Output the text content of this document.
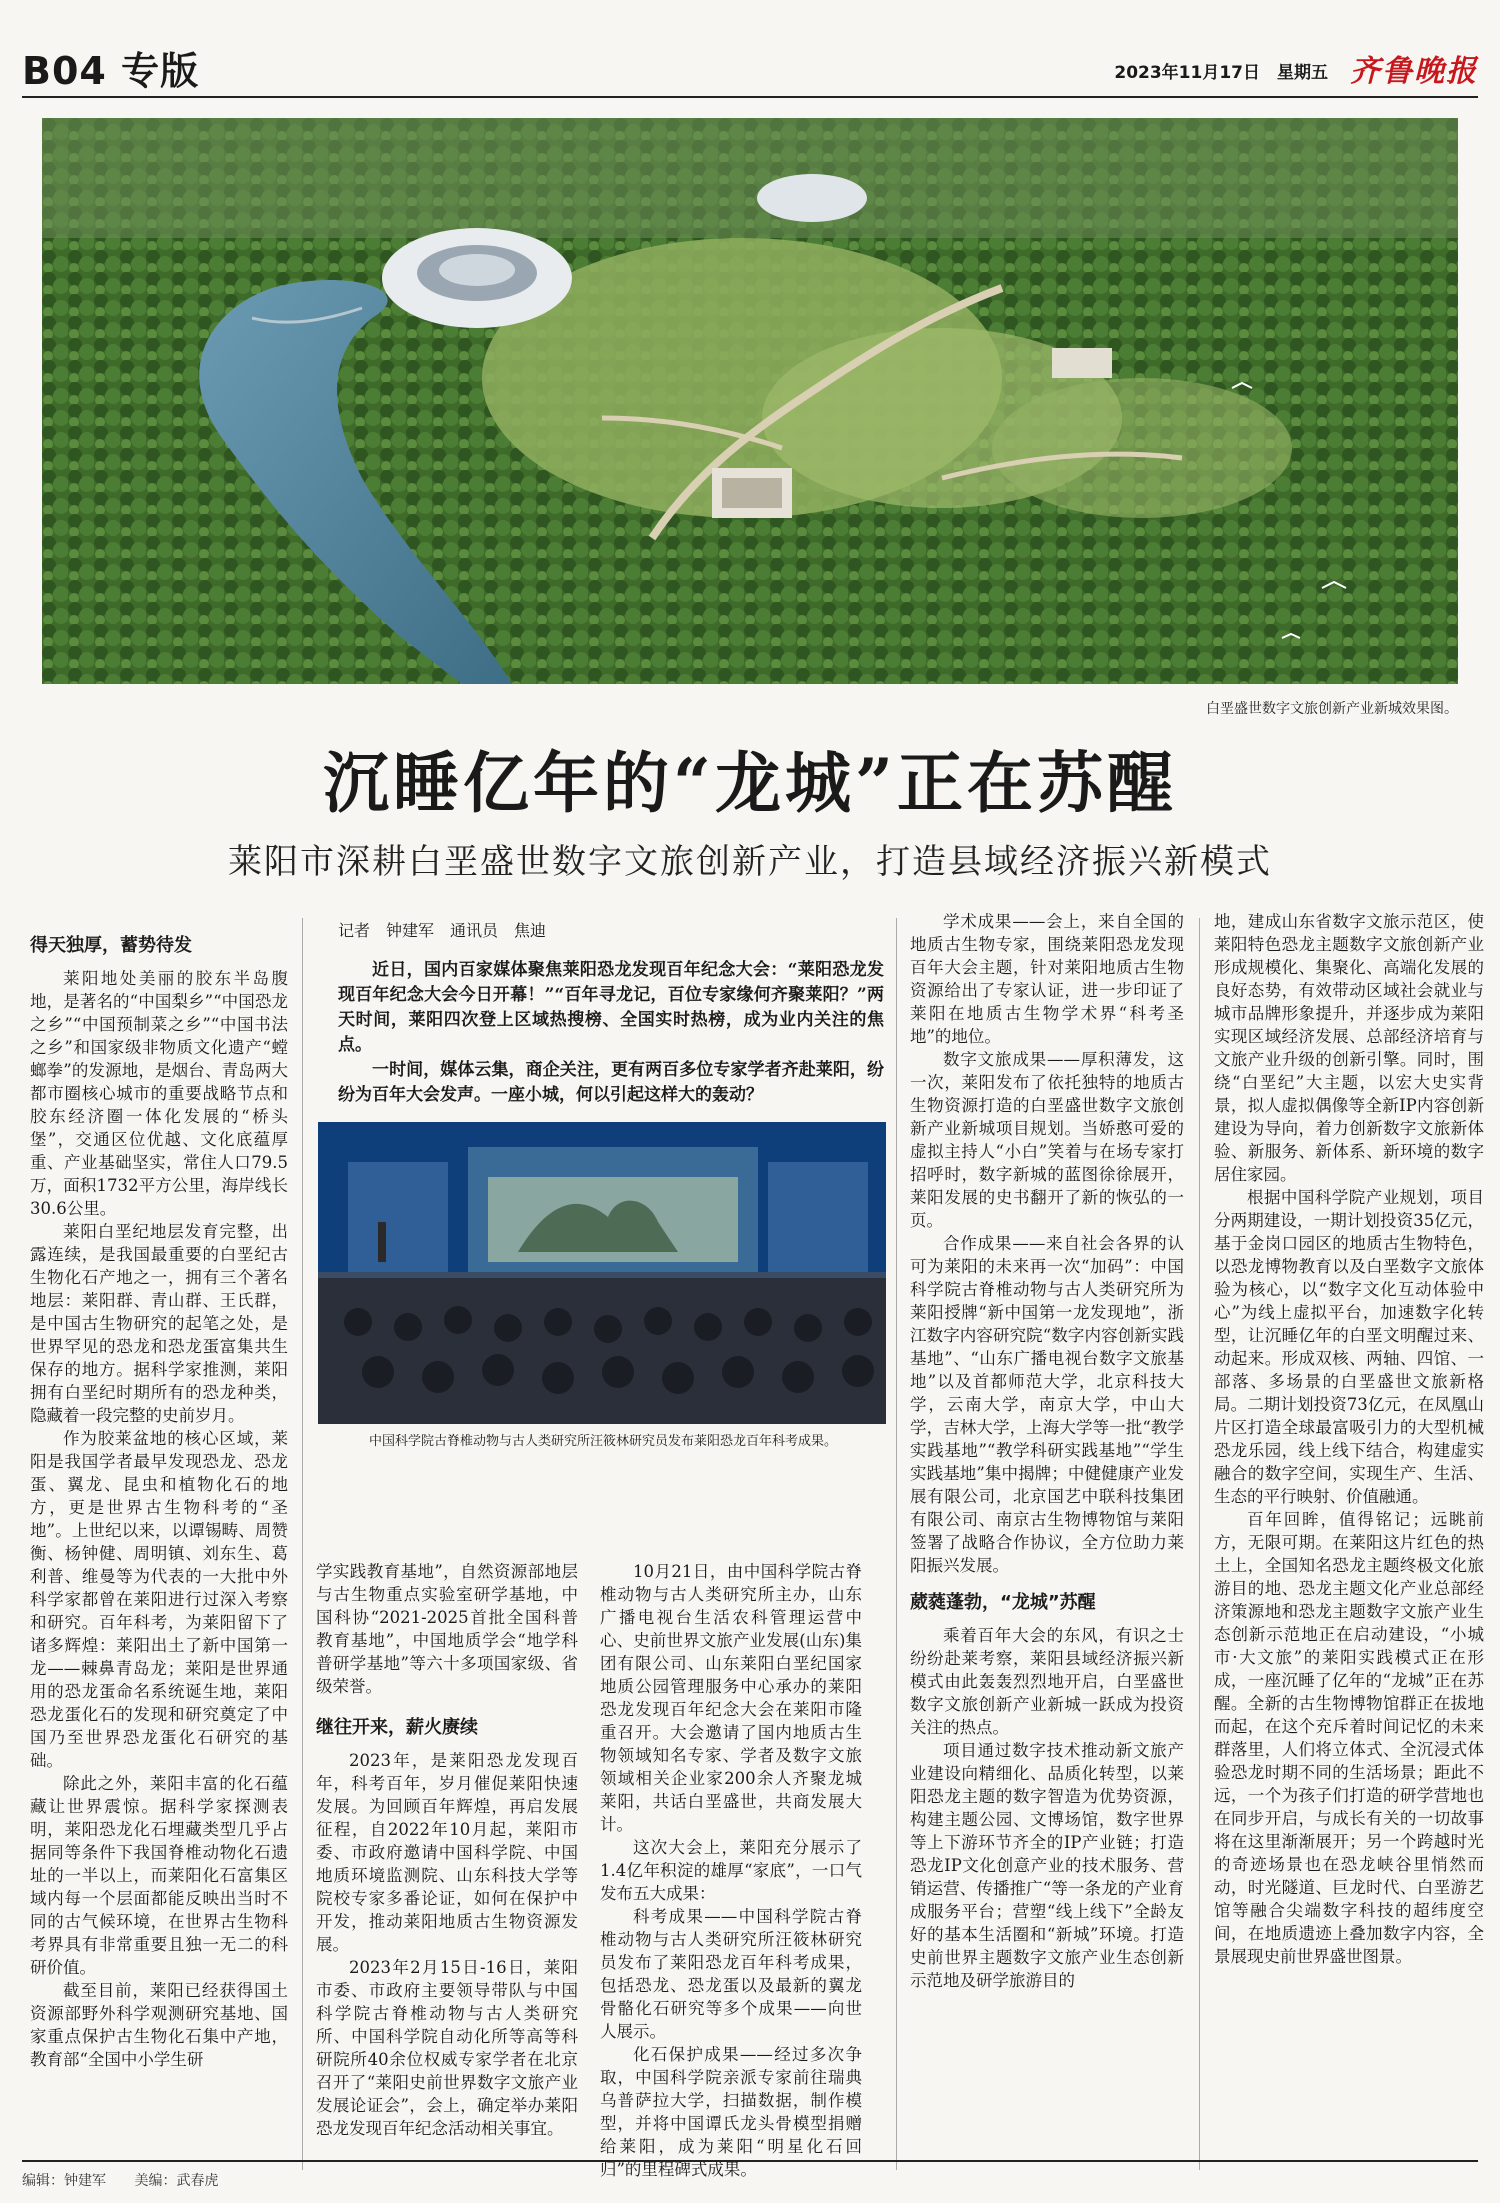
B04 专版	2023年11月17日　星期五 齐鲁晚报
白垩盛世数字文旅创新产业新城效果图。
沉睡亿年的“龙城”正在苏醒
莱阳市深耕白垩盛世数字文旅创新产业，打造县域经济振兴新模式
得天独厚，蓄势待发

莱阳地处美丽的胶东半岛腹地，是著名的“中国梨乡”“中国恐龙之乡”“中国预制菜之乡”“中国书法之乡”和国家级非物质文化遗产“螳螂拳”的发源地，是烟台、青岛两大都市圈核心城市的重要战略节点和胶东经济圈一体化发展的“桥头堡”，交通区位优越、文化底蕴厚重、产业基础坚实，常住人口79.5万，面积1732平方公里，海岸线长30.6公里。

莱阳白垩纪地层发育完整，出露连续，是我国最重要的白垩纪古生物化石产地之一，拥有三个著名地层：莱阳群、青山群、王氏群，是中国古生物研究的起笔之处，是世界罕见的恐龙和恐龙蛋富集共生保存的地方。据科学家推测，莱阳拥有白垩纪时期所有的恐龙种类，隐藏着一段完整的史前岁月。

作为胶莱盆地的核心区域，莱阳是我国学者最早发现恐龙、恐龙蛋、翼龙、昆虫和植物化石的地方，更是世界古生物科考的“圣地”。上世纪以来，以谭锡畴、周赞衡、杨钟健、周明镇、刘东生、葛利普、维曼等为代表的一大批中外科学家都曾在莱阳进行过深入考察和研究。百年科考，为莱阳留下了诸多辉煌：莱阳出土了新中国第一龙——棘鼻青岛龙；莱阳是世界通用的恐龙蛋命名系统诞生地，莱阳恐龙蛋化石的发现和研究奠定了中国乃至世界恐龙蛋化石研究的基础。

除此之外，莱阳丰富的化石蕴藏让世界震惊。据科学家探测表明，莱阳恐龙化石埋藏类型几乎占据同等条件下我国脊椎动物化石遗址的一半以上，而莱阳化石富集区域内每一个层面都能反映出当时不同的古气候环境，在世界古生物科考界具有非常重要且独一无二的科研价值。

截至目前，莱阳已经获得国土资源部野外科学观测研究基地、国家重点保护古生物化石集中产地，教育部“全国中小学生研

记者　钟建军　通讯员　焦迪

近日，国内百家媒体聚焦莱阳恐龙发现百年纪念大会：“莱阳恐龙发现百年纪念大会今日开幕！”“百年寻龙记，百位专家缘何齐聚莱阳？”两天时间，莱阳四次登上区域热搜榜、全国实时热榜，成为业内关注的焦点。

一时间，媒体云集，商企关注，更有两百多位专家学者齐赴莱阳，纷纷为百年大会发声。一座小城，何以引起这样大的轰动？

中国科学院古脊椎动物与古人类研究所汪筱林研究员发布莱阳恐龙百年科考成果。

学实践教育基地”，自然资源部地层与古生物重点实验室研学基地，中国科协“2021-2025首批全国科普教育基地”，中国地质学会“地学科普研学基地”等六十多项国家级、省级荣誉。

继往开来，薪火赓续

2023年，是莱阳恐龙发现百年，科考百年，岁月催促莱阳快速发展。为回顾百年辉煌，再启发展征程，自2022年10月起，莱阳市委、市政府邀请中国科学院、中国地质环境监测院、山东科技大学等院校专家多番论证，如何在保护中开发，推动莱阳地质古生物资源发展。

2023年2月15日-16日，莱阳市委、市政府主要领导带队与中国科学院古脊椎动物与古人类研究所、中国科学院自动化所等高等科研院所40余位权威专家学者在北京召开了“莱阳史前世界数字文旅产业发展论证会”，会上，确定举办莱阳恐龙发现百年纪念活动相关事宜。

10月21日，由中国科学院古脊椎动物与古人类研究所主办，山东广播电视台生活农科管理运营中心、史前世界文旅产业发展(山东)集团有限公司、山东莱阳白垩纪国家地质公园管理服务中心承办的莱阳恐龙发现百年纪念大会在莱阳市隆重召开。大会邀请了国内地质古生物领域知名专家、学者及数字文旅领域相关企业家200余人齐聚龙城莱阳，共话白垩盛世，共商发展大计。

这次大会上，莱阳充分展示了1.4亿年积淀的雄厚“家底”，一口气发布五大成果：

科考成果——中国科学院古脊椎动物与古人类研究所汪筱林研究员发布了莱阳恐龙百年科考成果，包括恐龙、恐龙蛋以及最新的翼龙骨骼化石研究等多个成果——向世人展示。

化石保护成果——经过多次争取，中国科学院亲派专家前往瑞典乌普萨拉大学，扫描数据，制作模型，并将中国谭氏龙头骨模型捐赠给莱阳，成为莱阳“明星化石回归”的里程碑式成果。

学术成果——会上，来自全国的地质古生物专家，围绕莱阳恐龙发现百年大会主题，针对莱阳地质古生物资源给出了专家认证，进一步印证了莱阳在地质古生物学术界“科考圣地”的地位。

数字文旅成果——厚积薄发，这一次，莱阳发布了依托独特的地质古生物资源打造的白垩盛世数字文旅创新产业新城项目规划。当娇憨可爱的虚拟主持人“小白”笑着与在场专家打招呼时，数字新城的蓝图徐徐展开，莱阳发展的史书翻开了新的恢弘的一页。

合作成果——来自社会各界的认可为莱阳的未来再一次“加码”：中国科学院古脊椎动物与古人类研究所为莱阳授牌“新中国第一龙发现地”，浙江数字内容研究院“数字内容创新实践基地”、“山东广播电视台数字文旅基地”以及首都师范大学，北京科技大学，云南大学，南京大学，中山大学，吉林大学，上海大学等一批“教学实践基地”“教学科研实践基地”“学生实践基地”集中揭牌；中健健康产业发展有限公司，北京国艺中联科技集团有限公司、南京古生物博物馆与莱阳签署了战略合作协议，全方位助力莱阳振兴发展。

葳蕤蓬勃，“龙城”苏醒

乘着百年大会的东风，有识之士纷纷赴莱考察，莱阳县域经济振兴新模式由此轰轰烈烈地开启，白垩盛世数字文旅创新产业新城一跃成为投资关注的热点。

项目通过数字技术推动新文旅产业建设向精细化、品质化转型，以莱阳恐龙主题的数字智造为优势资源，构建主题公园、文博场馆，数字世界等上下游环节齐全的IP产业链；打造恐龙IP文化创意产业的技术服务、营销运营、传播推广“等一条龙的产业育成服务平台；营塑“线上线下”全龄友好的基本生活圈和“新城”环境。打造史前世界主题数字文旅产业生态创新示范地及研学旅游目的

地，建成山东省数字文旅示范区，使莱阳特色恐龙主题数字文旅创新产业形成规模化、集聚化、高端化发展的良好态势，有效带动区域社会就业与城市品牌形象提升，并逐步成为莱阳实现区域经济发展、总部经济培育与文旅产业升级的创新引擎。同时，围绕“白垩纪”大主题，以宏大史实背景，拟人虚拟偶像等全新IP内容创新建设为导向，着力创新数字文旅新体验、新服务、新体系、新环境的数字居住家园。

根据中国科学院产业规划，项目分两期建设，一期计划投资35亿元，基于金岗口园区的地质古生物特色，以恐龙博物教育以及白垩数字文旅体验为核心，以“数字文化互动体验中心”为线上虚拟平台，加速数字化转型，让沉睡亿年的白垩文明醒过来、动起来。形成双核、两轴、四馆、一部落、多场景的白垩盛世文旅新格局。二期计划投资73亿元，在凤凰山片区打造全球最富吸引力的大型机械恐龙乐园，线上线下结合，构建虚实融合的数字空间，实现生产、生活、生态的平行映射、价值融通。

百年回眸，值得铭记；远眺前方，无限可期。在莱阳这片红色的热土上，全国知名恐龙主题终极文化旅游目的地、恐龙主题文化产业总部经济策源地和恐龙主题数字文旅产业生态创新示范地正在启动建设，“小城市·大文旅”的莱阳实践模式正在形成，一座沉睡了亿年的“龙城”正在苏醒。全新的古生物博物馆群正在拔地而起，在这个充斥着时间记忆的未来群落里，人们将立体式、全沉浸式体验恐龙时期不同的生活场景；距此不远，一个为孩子们打造的研学营地也在同步开启，与成长有关的一切故事将在这里渐渐展开；另一个跨越时光的奇迹场景也在恐龙峡谷里悄然而动，时光隧道、巨龙时代、白垩游艺馆等融合尖端数字科技的超纬度空间，在地质遗迹上叠加数字内容，全景展现史前世界盛世图景。

编辑：钟建军 美编：武春虎
